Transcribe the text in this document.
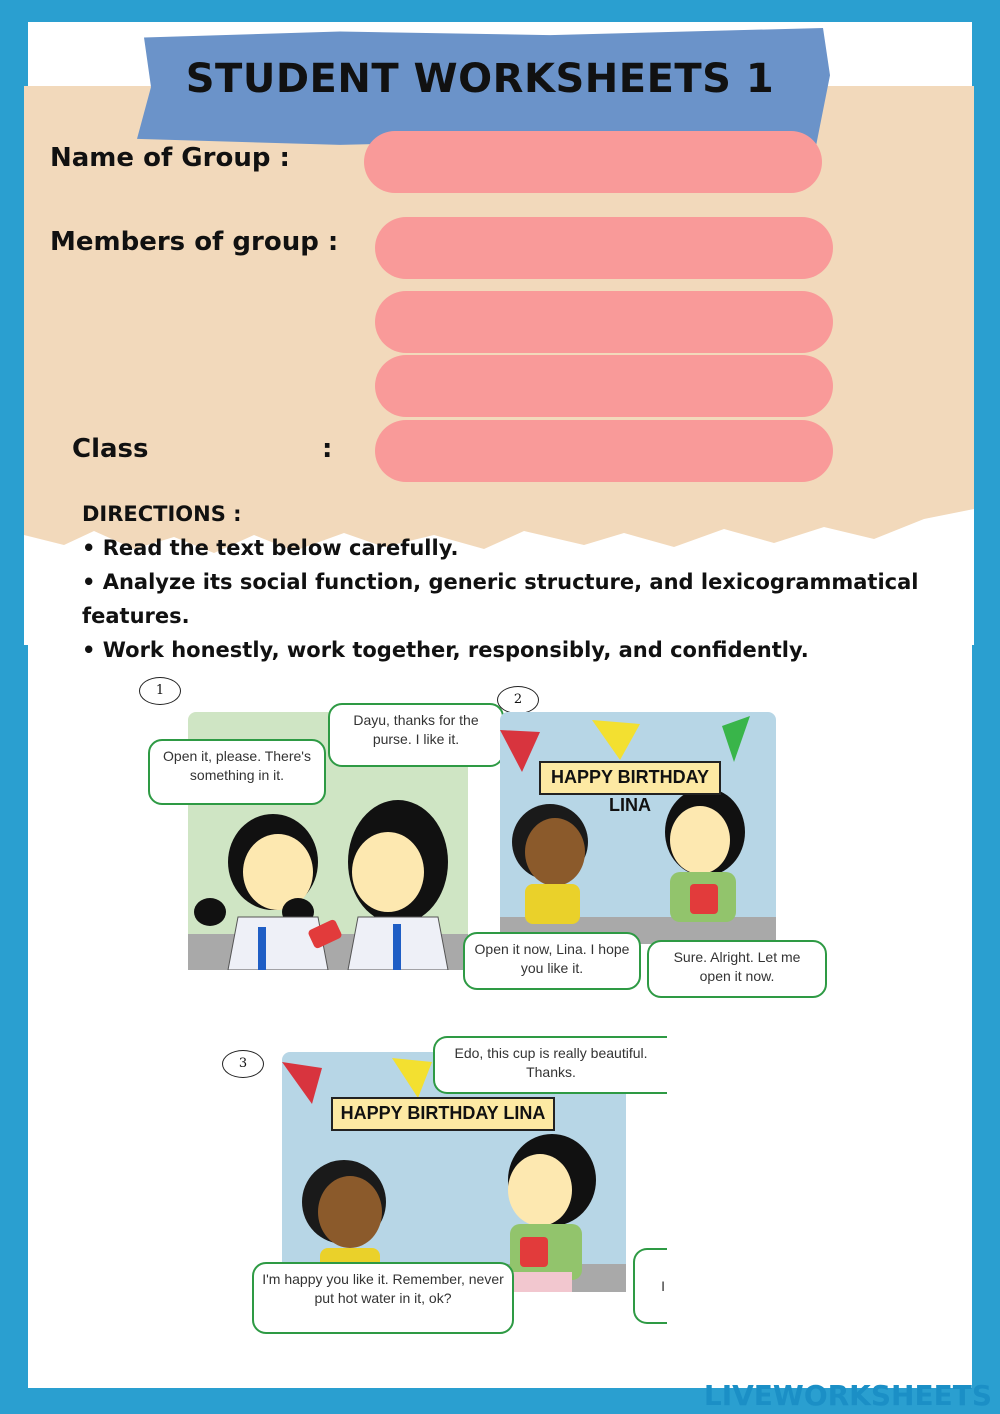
STUDENT WORKSHEETS 1
Name of Group :
Members of group :
Class	:
DIRECTIONS :
• Read the text below carefully.
• Analyze its social function, generic structure, and lexicogrammatical features.
• Work honestly, work together, responsibly, and confidently.
1
Open it, please. There's something in it.
Dayu, thanks for the purse. I like it.
2
HAPPY BIRTHDAY LINA
Open it now, Lina. I hope you like it.
Sure. Alright. Let me open it now.
3
HAPPY BIRTHDAY LINA
Edo, this cup is really beautiful. Thanks.
I'm happy you like it. Remember, never put hot water in it, ok?
I
LIVEWORKSHEETS
